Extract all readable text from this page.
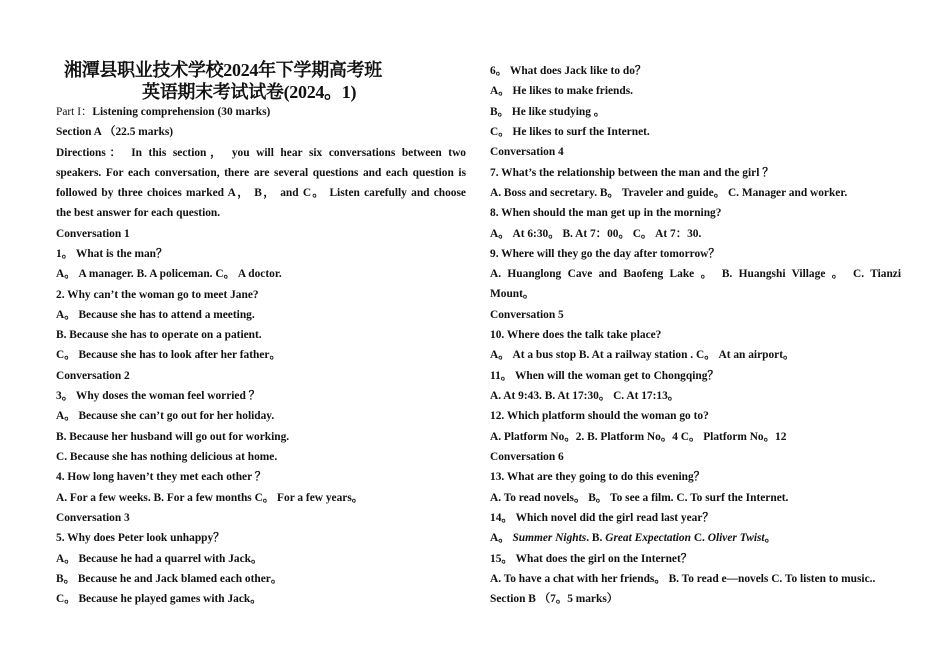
湘潭县职业技术学校2024年下学期高考班
英语期末考试试卷(2024。1)
Part I：Listening comprehension (30 marks)
Section A （22.5 marks)
Directions： In this section， you will hear six conversations between two
speakers. For each conversation, there are several questions and each question is
followed by three choices marked A， B， and C。 Listen carefully and choose
the best answer for each question.
Conversation 1
1。 What is the man？
A。 A manager. B. A policeman. C。 A doctor.
2. Why can’t the woman go to meet Jane?
A。 Because she has to attend a meeting.
B. Because she has to operate on a patient.
C。 Because she has to look after her father。
Conversation 2
3。 Why doses the woman feel worried ？
A。 Because she can’t go out for her holiday.
B. Because her husband will go out for working.
C. Because she has nothing delicious at home.
4. How long haven’t they met each other ？
A. For a few weeks. B. For a few months C。 For a few years。
Conversation 3
5. Why does Peter look unhappy？
A。 Because he had a quarrel with Jack。
B。 Because he and Jack blamed each other。
C。 Because he played games with Jack。
6。 What does Jack like to do？
A。 He likes to make friends.
B。 He like studying 。
C。 He likes to surf the Internet.
Conversation 4
7. What’s the relationship between the man and the girl ？
A. Boss and secretary. B。 Traveler and guide。 C. Manager and worker.
8. When should the man get up in the morning?
A。 At 6:30。 B. At 7：00。 C。 At 7：30.
9. Where will they go the day after tomorrow？
A. Huanglong Cave and Baofeng Lake 。 B. Huangshi Village 。 C. Tianzi
Mount。
Conversation 5
10. Where does the talk take place?
A。 At a bus stop B. At a railway station . C。 At an airport。
11。 When will the woman get to Chongqing？
A. At 9:43. B. At 17:30。 C. At 17:13。
12. Which platform should the woman go to?
A. Platform No。2. B. Platform No。4 C。 Platform No。12
Conversation 6
13. What are they going to do this evening？
A. To read novels。 B。 To see a film. C. To surf the Internet.
14。 Which novel did the girl read last year？
A。 Summer Nights. B. Great Expectation C. Oliver Twist。
15。 What does the girl on the Internet？
A. To have a chat with her friends。 B. To read e—novels C. To listen to music..
Section B （7。5 marks）
